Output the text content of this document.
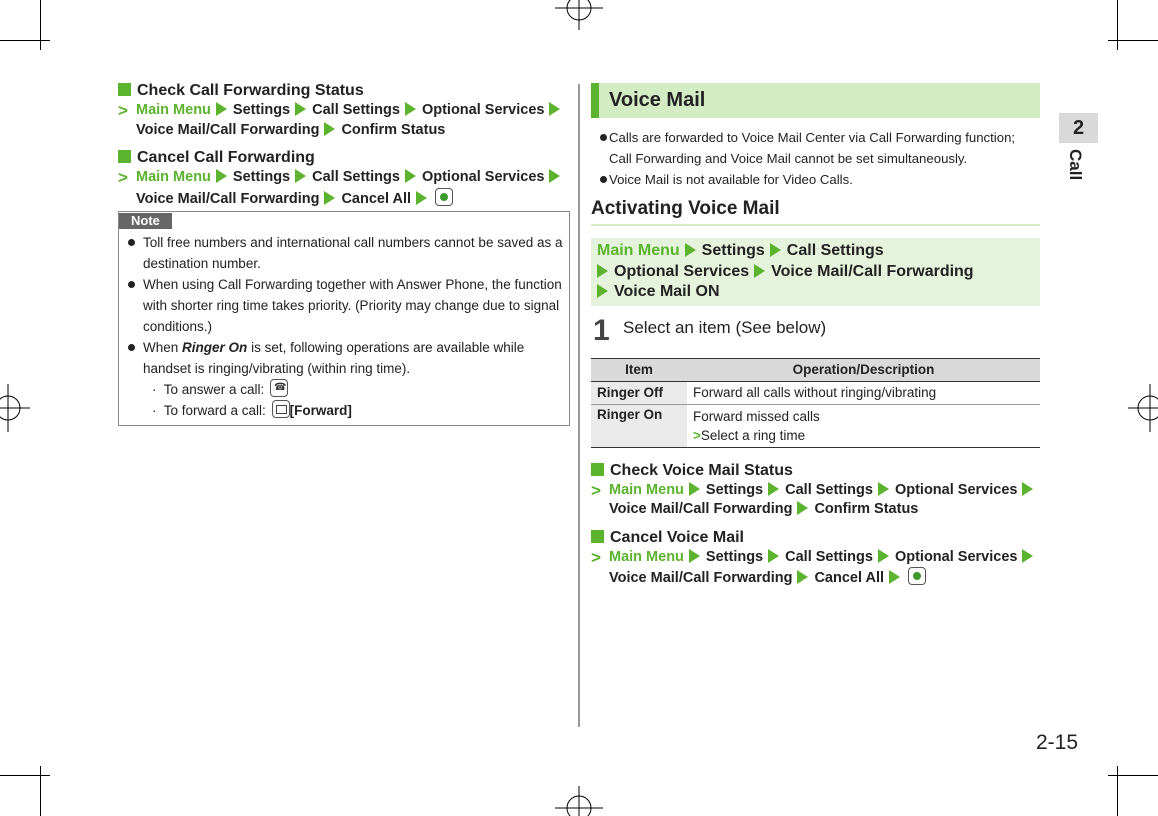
Check Call Forwarding Status
> Main Menu Settings Call Settings Optional Services
Voice Mail/Call Forwarding Confirm Status
Cancel Call Forwarding
> Main Menu Settings Call Settings Optional Services
Voice Mail/Call Forwarding Cancel All
Note
Toll free numbers and international call numbers cannot be saved as a destination number.
When using Call Forwarding together with Answer Phone, the function with shorter ring time takes priority. (Priority may change due to signal conditions.)
When Ringer On is set, following operations are available while handset is ringing/vibrating (within ring time).
·  To answer a call: ☎
·  To forward a call: [Forward]
Voice Mail
Calls are forwarded to Voice Mail Center via Call Forwarding function; Call Forwarding and Voice Mail cannot be set simultaneously.
Voice Mail is not available for Video Calls.
Activating Voice Mail
Main Menu Settings Call Settings
Optional Services Voice Mail/Call Forwarding
Voice Mail ON
1 Select an item (See below)
Item	Operation/Description
Ringer Off	Forward all calls without ringing/vibrating
Ringer On	Forward missed calls
>Select a ring time
Check Voice Mail Status
> Main Menu Settings Call Settings Optional Services
Voice Mail/Call Forwarding Confirm Status
Cancel Voice Mail
> Main Menu Settings Call Settings Optional Services
Voice Mail/Call Forwarding Cancel All
2
Call
2-15
